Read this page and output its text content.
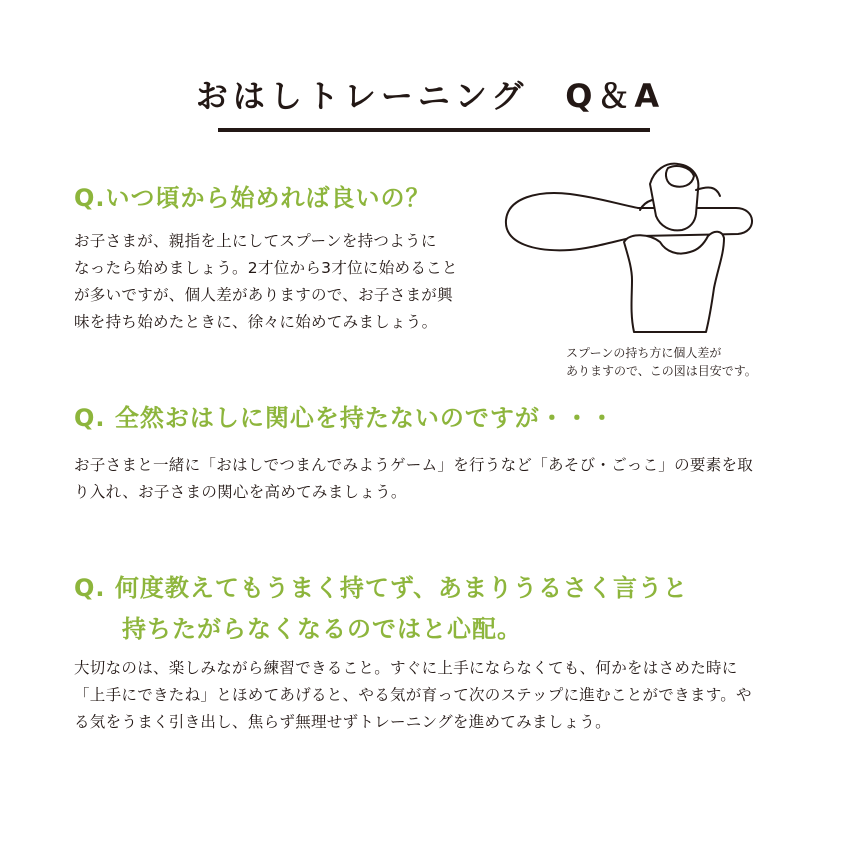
おはしトレーニング　Q＆A

Q.いつ頃から始めれば良いの？

お子さまが、親指を上にしてスプーンを持つように
なったら始めましょう。2才位から3才位に始めること
が多いですが、個人差がありますので、お子さまが興
味を持ち始めたときに、徐々に始めてみましょう。

スプーンの持ち方に個人差が
ありますので、この図は目安です。

Q. 全然おはしに関心を持たないのですが・・・

お子さまと一緒に「おはしでつまんでみようゲーム」を行うなど「あそび・ごっこ」の要素を取
り入れ、お子さまの関心を高めてみましょう。

Q. 何度教えてもうまく持てず、あまりうるさく言うと

持ちたがらなくなるのではと心配。

大切なのは、楽しみながら練習できること。すぐに上手にならなくても、何かをはさめた時に
「上手にできたね」とほめてあげると、やる気が育って次のステップに進むことができます。や
る気をうまく引き出し、焦らず無理せずトレーニングを進めてみましょう。
